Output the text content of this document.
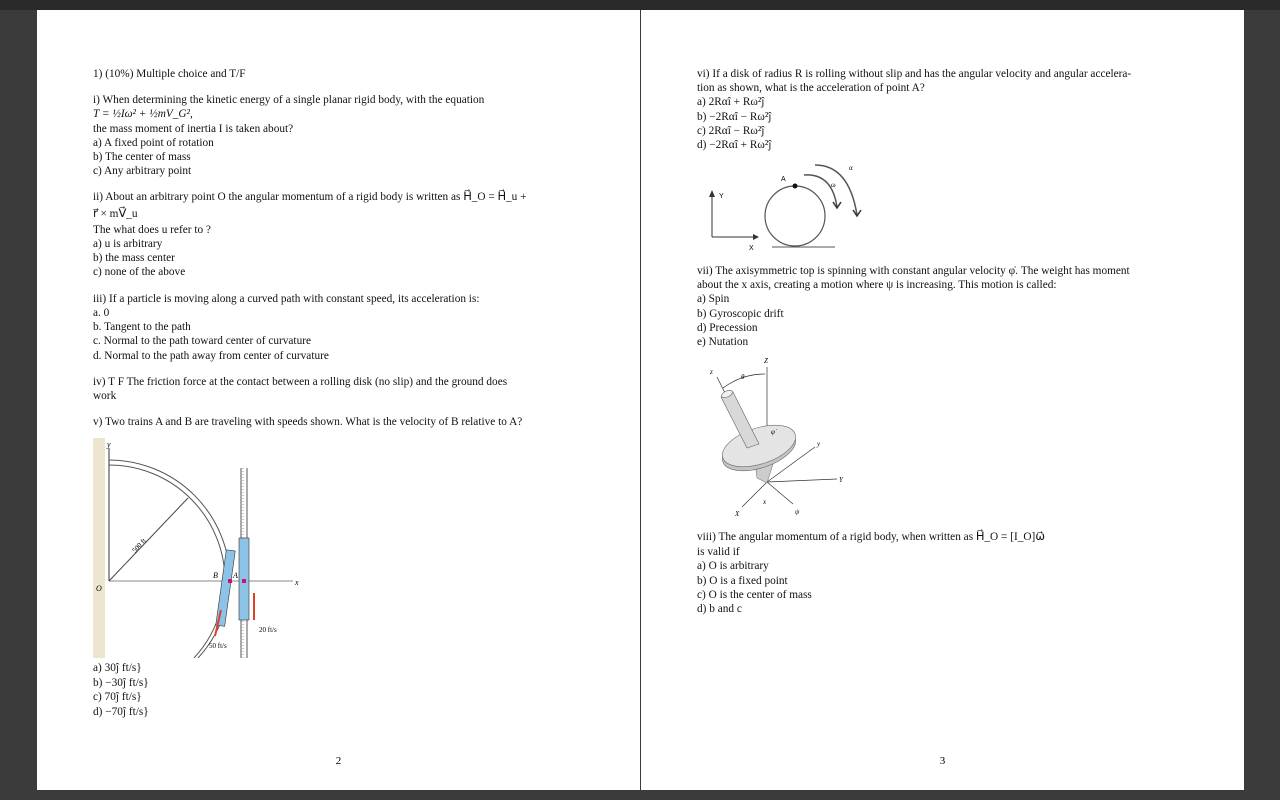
1) (10%) Multiple choice and T/F
i) When determining the kinetic energy of a single planar rigid body, with the equation
T = ½Iω² + ½mV_G²,
the mass moment of inertia I is taken about?
a) A fixed point of rotation
b) The center of mass
c) Any arbitrary point
ii) About an arbitrary point O the angular momentum of a rigid body is written as H⃗_O = H⃗_u +
r⃗ × mV⃗_u
The what does u refer to ?
a) u is arbitrary
b) the mass center
c) none of the above
iii) If a particle is moving along a curved path with constant speed, its acceleration is:
a. 0
b. Tangent to the path
c. Normal to the path toward center of curvature
d. Normal to the path away from center of curvature
iv) T F The friction force at the contact between a rolling disk (no slip) and the ground does
work
v) Two trains A and B are traveling with speeds shown. What is the velocity of B relative to A?
y
O
B A
x
500 ft
50 ft/s
20 ft/s
a) 30ĵ ft/s}
b) −30ĵ ft/s}
c) 70ĵ ft/s}
d) −70ĵ ft/s}
2
vi) If a disk of radius R is rolling without slip and has the angular velocity and angular accelera-
tion as shown, what is the acceleration of point A?
a) 2Rαî + Rω²ĵ
b) −2Rαî − Rω²ĵ
c) 2Rαî − Rω²ĵ
d) −2Rαî + Rω²ĵ
Y
X
A
ω
α
vii) The axisymmetric top is spinning with constant angular velocity φ̇. The weight has moment
about the x axis, creating a motion where ψ is increasing. This motion is called:
a) Spin
b) Gyroscopic drift
d) Precession
e) Nutation
Z
z
θ
φ̇
y
Y
X	ψ
x
viii) The angular momentum of a rigid body, when written as H⃗_O = [I_O]ω⃗
is valid if
a) O is arbitrary
b) O is a fixed point
c) O is the center of mass
d) b and c
3
